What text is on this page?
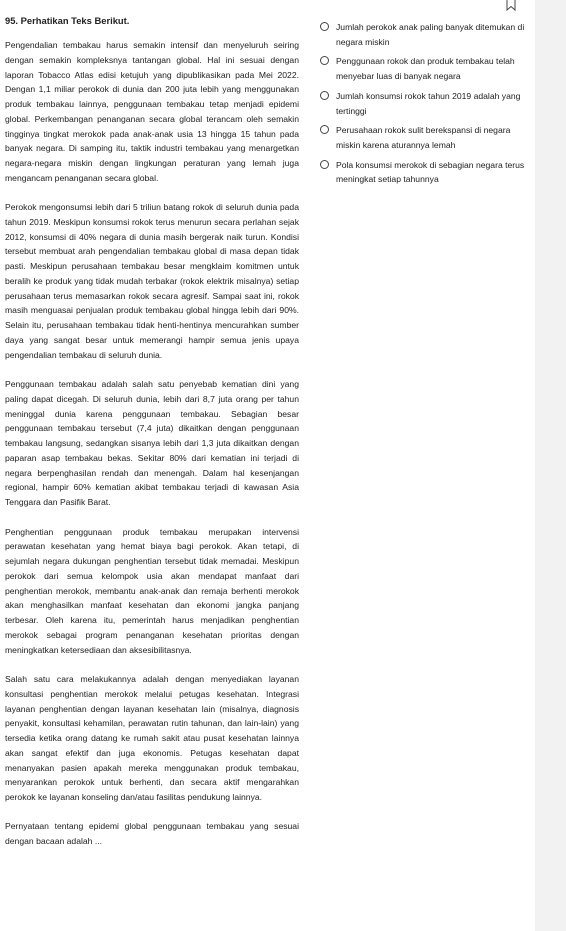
95. Perhatikan Teks Berikut.

Pengendalian tembakau harus semakin intensif dan menyeluruh seiring dengan semakin kompleksnya tantangan global. Hal ini sesuai dengan laporan Tobacco Atlas edisi ketujuh yang dipublikasikan pada Mei 2022. Dengan 1,1 miliar perokok di dunia dan 200 juta lebih yang menggunakan produk tembakau lainnya, penggunaan tembakau tetap menjadi epidemi global. Perkembangan penanganan secara global terancam oleh semakin tingginya tingkat merokok pada anak-anak usia 13 hingga 15 tahun pada banyak negara. Di samping itu, taktik industri tembakau yang menargetkan negara-negara miskin dengan lingkungan peraturan yang lemah juga mengancam penanganan secara global.

Perokok mengonsumsi lebih dari 5 triliun batang rokok di seluruh dunia pada tahun 2019. Meskipun konsumsi rokok terus menurun secara perlahan sejak 2012, konsumsi di 40% negara di dunia masih bergerak naik turun. Kondisi tersebut membuat arah pengendalian tembakau global di masa depan tidak pasti. Meskipun perusahaan tembakau besar mengklaim komitmen untuk beralih ke produk yang tidak mudah terbakar (rokok elektrik misalnya) setiap perusahaan terus memasarkan rokok secara agresif. Sampai saat ini, rokok masih menguasai penjualan produk tembakau global hingga lebih dari 90%. Selain itu, perusahaan tembakau tidak henti-hentinya mencurahkan sumber daya yang sangat besar untuk memerangi hampir semua jenis upaya pengendalian tembakau di seluruh dunia.

Penggunaan tembakau adalah salah satu penyebab kematian dini yang paling dapat dicegah. Di seluruh dunia, lebih dari 8,7 juta orang per tahun meninggal dunia karena penggunaan tembakau. Sebagian besar penggunaan tembakau tersebut (7,4 juta) dikaitkan dengan penggunaan tembakau langsung, sedangkan sisanya lebih dari 1,3 juta dikaitkan dengan paparan asap tembakau bekas. Sekitar 80% dari kematian ini terjadi di negara berpenghasilan rendah dan menengah. Dalam hal kesenjangan regional, hampir 60% kematian akibat tembakau terjadi di kawasan Asia Tenggara dan Pasifik Barat.

Penghentian penggunaan produk tembakau merupakan intervensi perawatan kesehatan yang hemat biaya bagi perokok. Akan tetapi, di sejumlah negara dukungan penghentian tersebut tidak memadai. Meskipun perokok dari semua kelompok usia akan mendapat manfaat dari penghentian merokok, membantu anak-anak dan remaja berhenti merokok akan menghasilkan manfaat kesehatan dan ekonomi jangka panjang terbesar. Oleh karena itu, pemerintah harus menjadikan penghentian merokok sebagai program penanganan kesehatan prioritas dengan meningkatkan ketersediaan dan aksesibilitasnya.

Salah satu cara melakukannya adalah dengan menyediakan layanan konsultasi penghentian merokok melalui petugas kesehatan. Integrasi layanan penghentian dengan layanan kesehatan lain (misalnya, diagnosis penyakit, konsultasi kehamilan, perawatan rutin tahunan, dan lain-lain) yang tersedia ketika orang datang ke rumah sakit atau pusat kesehatan lainnya akan sangat efektif dan juga ekonomis. Petugas kesehatan dapat menanyakan pasien apakah mereka menggunakan produk tembakau, menyarankan perokok untuk berhenti, dan secara aktif mengarahkan perokok ke layanan konseling dan/atau fasilitas pendukung lainnya.

Pernyataan tentang epidemi global penggunaan tembakau yang sesuai dengan bacaan adalah ...

Jumlah perokok anak paling banyak ditemukan di negara miskin
Penggunaan rokok dan produk tembakau telah menyebar luas di banyak negara
Jumlah konsumsi rokok tahun 2019 adalah yang tertinggi
Perusahaan rokok sulit berekspansi di negara miskin karena aturannya lemah
Pola konsumsi merokok di sebagian negara terus meningkat setiap tahunnya
